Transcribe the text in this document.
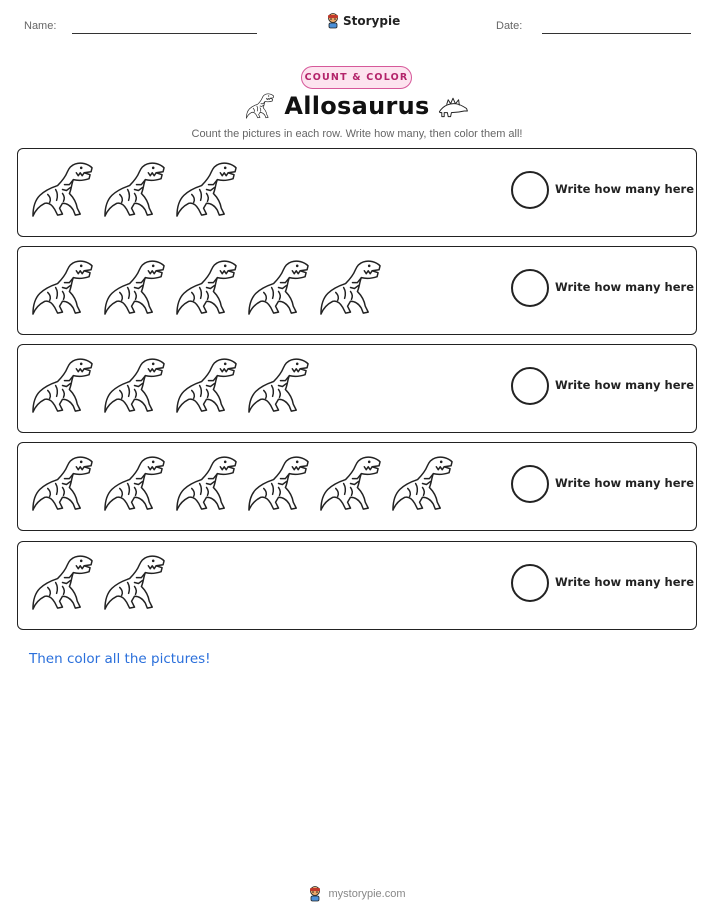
Name:	Storypie	Date:
COUNT & COLOR
Allosaurus
Count the pictures in each row. Write how many, then color them all!
Write how many here
Write how many here
Write how many here
Write how many here
Write how many here
Then color all the pictures!
mystorypie.com
